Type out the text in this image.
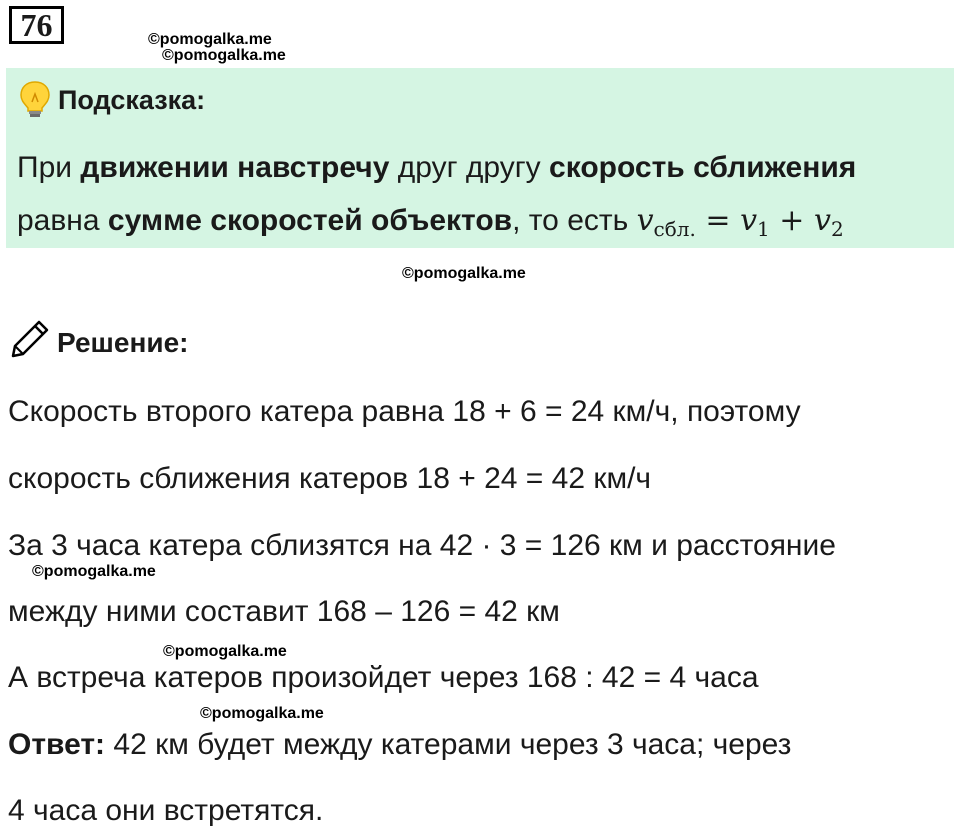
76	©pomogalka.me
©pomogalka.me
Подсказка:
При движении навстречу друг другу скорость сближения
равна сумме скоростей объектов, то есть $v_{сбл.} = v_1 + v_2$
©pomogalka.me
Решение:
Скорость второго катера равна 18 + 6 = 24 км/ч, поэтому
скорость сближения катеров 18 + 24 = 42 км/ч
За 3 часа катера сблизятся на 42 · 3 = 126 км и расстояние
©pomogalka.me
между ними составит 168 – 126 = 42 км
©pomogalka.me
А встреча катеров произойдет через 168 : 42 = 4 часа
©pomogalka.me
Ответ: 42 км будет между катерами через 3 часа; через
4 часа они встретятся.
